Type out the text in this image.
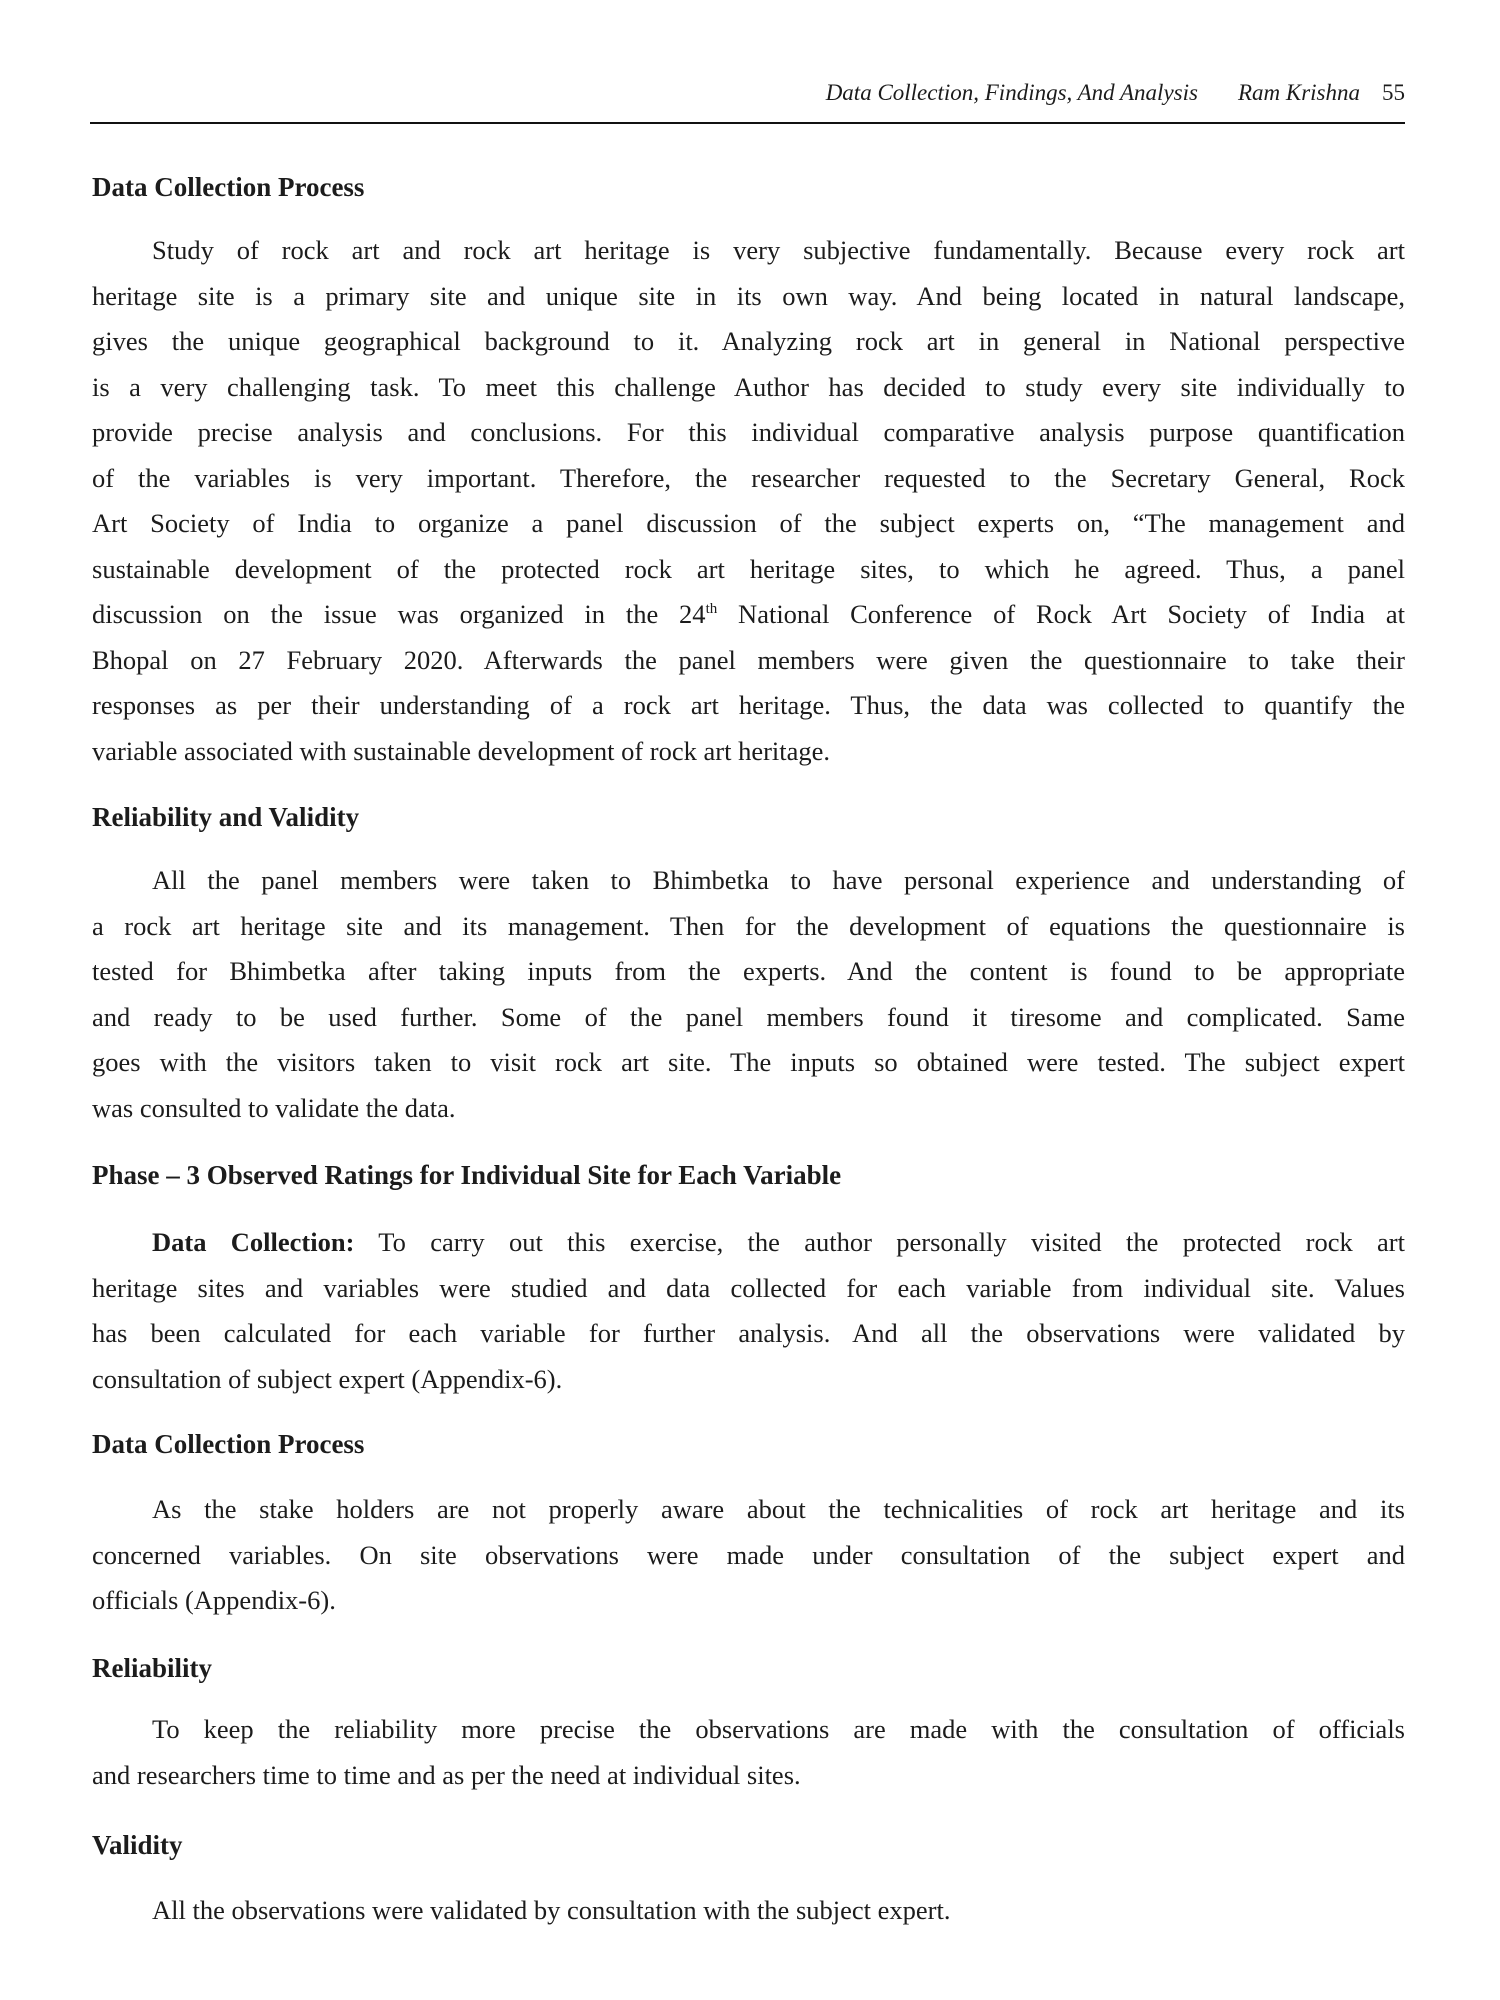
Data Collection, Findings, And Analysis Ram Krishna 55
Data Collection Process
Study of rock art and rock art heritage is very subjective fundamentally. Because every rock art
heritage site is a primary site and unique site in its own way. And being located in natural landscape,
gives the unique geographical background to it. Analyzing rock art in general in National perspective
is a very challenging task. To meet this challenge Author has decided to study every site individually to
provide precise analysis and conclusions. For this individual comparative analysis purpose quantification
of the variables is very important. Therefore, the researcher requested to the Secretary General, Rock
Art Society of India to organize a panel discussion of the subject experts on, “The management and
sustainable development of the protected rock art heritage sites, to which he agreed. Thus, a panel
discussion on the issue was organized in the 24th National Conference of Rock Art Society of India at
Bhopal on 27 February 2020. Afterwards the panel members were given the questionnaire to take their
responses as per their understanding of a rock art heritage. Thus, the data was collected to quantify the
variable associated with sustainable development of rock art heritage.
Reliability and Validity
All the panel members were taken to Bhimbetka to have personal experience and understanding of
a rock art heritage site and its management. Then for the development of equations the questionnaire is
tested for Bhimbetka after taking inputs from the experts. And the content is found to be appropriate
and ready to be used further. Some of the panel members found it tiresome and complicated. Same
goes with the visitors taken to visit rock art site. The inputs so obtained were tested. The subject expert
was consulted to validate the data.
Phase – 3 Observed Ratings for Individual Site for Each Variable
Data Collection: To carry out this exercise, the author personally visited the protected rock art
heritage sites and variables were studied and data collected for each variable from individual site. Values
has been calculated for each variable for further analysis. And all the observations were validated by
consultation of subject expert (Appendix-6).
Data Collection Process
As the stake holders are not properly aware about the technicalities of rock art heritage and its
concerned variables. On site observations were made under consultation of the subject expert and
officials (Appendix-6).
Reliability
To keep the reliability more precise the observations are made with the consultation of officials
and researchers time to time and as per the need at individual sites.
Validity
All the observations were validated by consultation with the subject expert.
